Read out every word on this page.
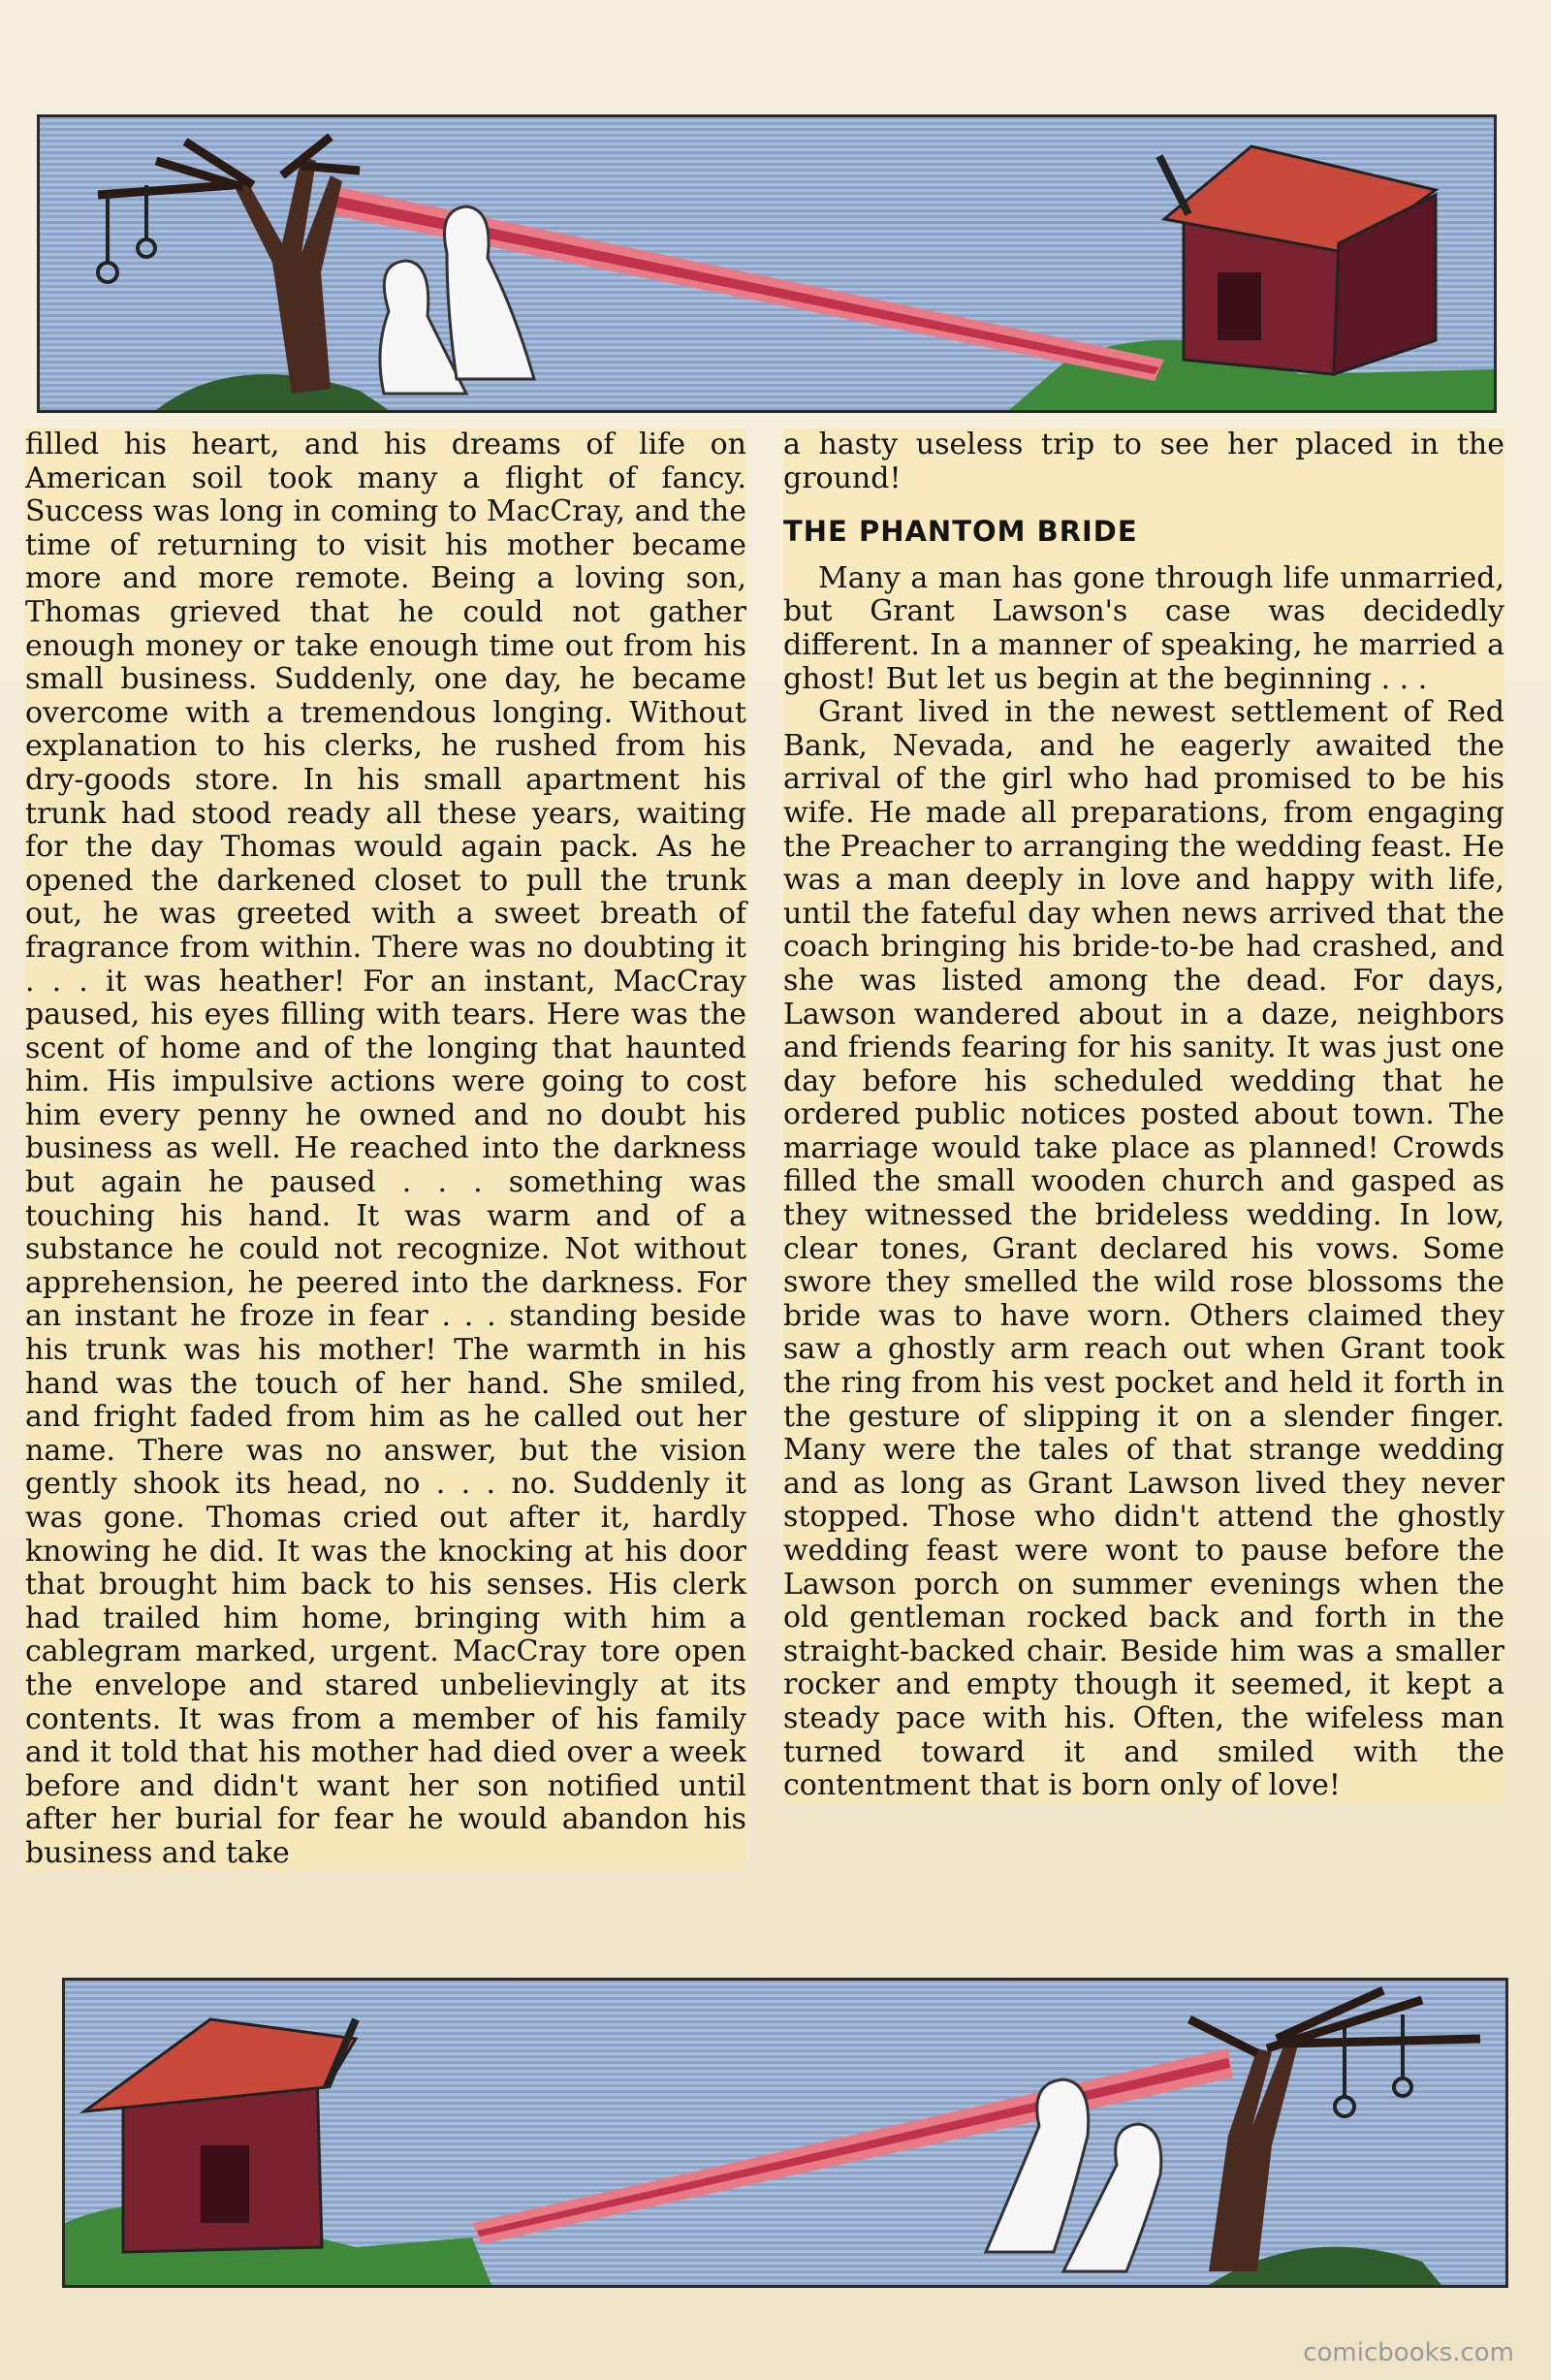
filled his heart, and his dreams of life on American soil took many a flight of fancy. Success was long in coming to MacCray, and the time of returning to visit his mother became more and more remote. Being a loving son, Thomas grieved that he could not gather enough money or take enough time out from his small business. Suddenly, one day, he became overcome with a tremendous longing. Without explanation to his clerks, he rushed from his dry-goods store. In his small apartment his trunk had stood ready all these years, waiting for the day Thomas would again pack. As he opened the darkened closet to pull the trunk out, he was greeted with a sweet breath of fragrance from within. There was no doubting it . . . it was heather! For an instant, MacCray paused, his eyes filling with tears. Here was the scent of home and of the longing that haunted him. His impulsive actions were going to cost him every penny he owned and no doubt his business as well. He reached into the darkness but again he paused . . . something was touching his hand. It was warm and of a substance he could not recognize. Not without apprehension, he peered into the darkness. For an instant he froze in fear . . . standing beside his trunk was his mother! The warmth in his hand was the touch of her hand. She smiled, and fright faded from him as he called out her name. There was no answer, but the vision gently shook its head, no . . . no. Suddenly it was gone. Thomas cried out after it, hardly knowing he did. It was the knocking at his door that brought him back to his senses. His clerk had trailed him home, bringing with him a cablegram marked, urgent. MacCray tore open the envelope and stared unbelievingly at its contents. It was from a member of his family and it told that his mother had died over a week before and didn't want her son notified until after her burial for fear he would abandon his business and take

a hasty useless trip to see her placed in the ground!

THE PHANTOM BRIDE

Many a man has gone through life unmarried, but Grant Lawson's case was decidedly different. In a manner of speaking, he married a ghost! But let us begin at the beginning . . .

Grant lived in the newest settlement of Red Bank, Nevada, and he eagerly awaited the arrival of the girl who had promised to be his wife. He made all preparations, from engaging the Preacher to arranging the wedding feast. He was a man deeply in love and happy with life, until the fateful day when news arrived that the coach bringing his bride-to-be had crashed, and she was listed among the dead. For days, Lawson wandered about in a daze, neighbors and friends fearing for his sanity. It was just one day before his scheduled wedding that he ordered public notices posted about town. The marriage would take place as planned! Crowds filled the small wooden church and gasped as they witnessed the brideless wedding. In low, clear tones, Grant declared his vows. Some swore they smelled the wild rose blossoms the bride was to have worn. Others claimed they saw a ghostly arm reach out when Grant took the ring from his vest pocket and held it forth in the gesture of slipping it on a slender finger. Many were the tales of that strange wedding and as long as Grant Lawson lived they never stopped. Those who didn't attend the ghostly wedding feast were wont to pause before the Lawson porch on summer evenings when the old gentleman rocked back and forth in the straight-backed chair. Beside him was a smaller rocker and empty though it seemed, it kept a steady pace with his. Often, the wifeless man turned toward it and smiled with the contentment that is born only of love!

comicbooks.com
